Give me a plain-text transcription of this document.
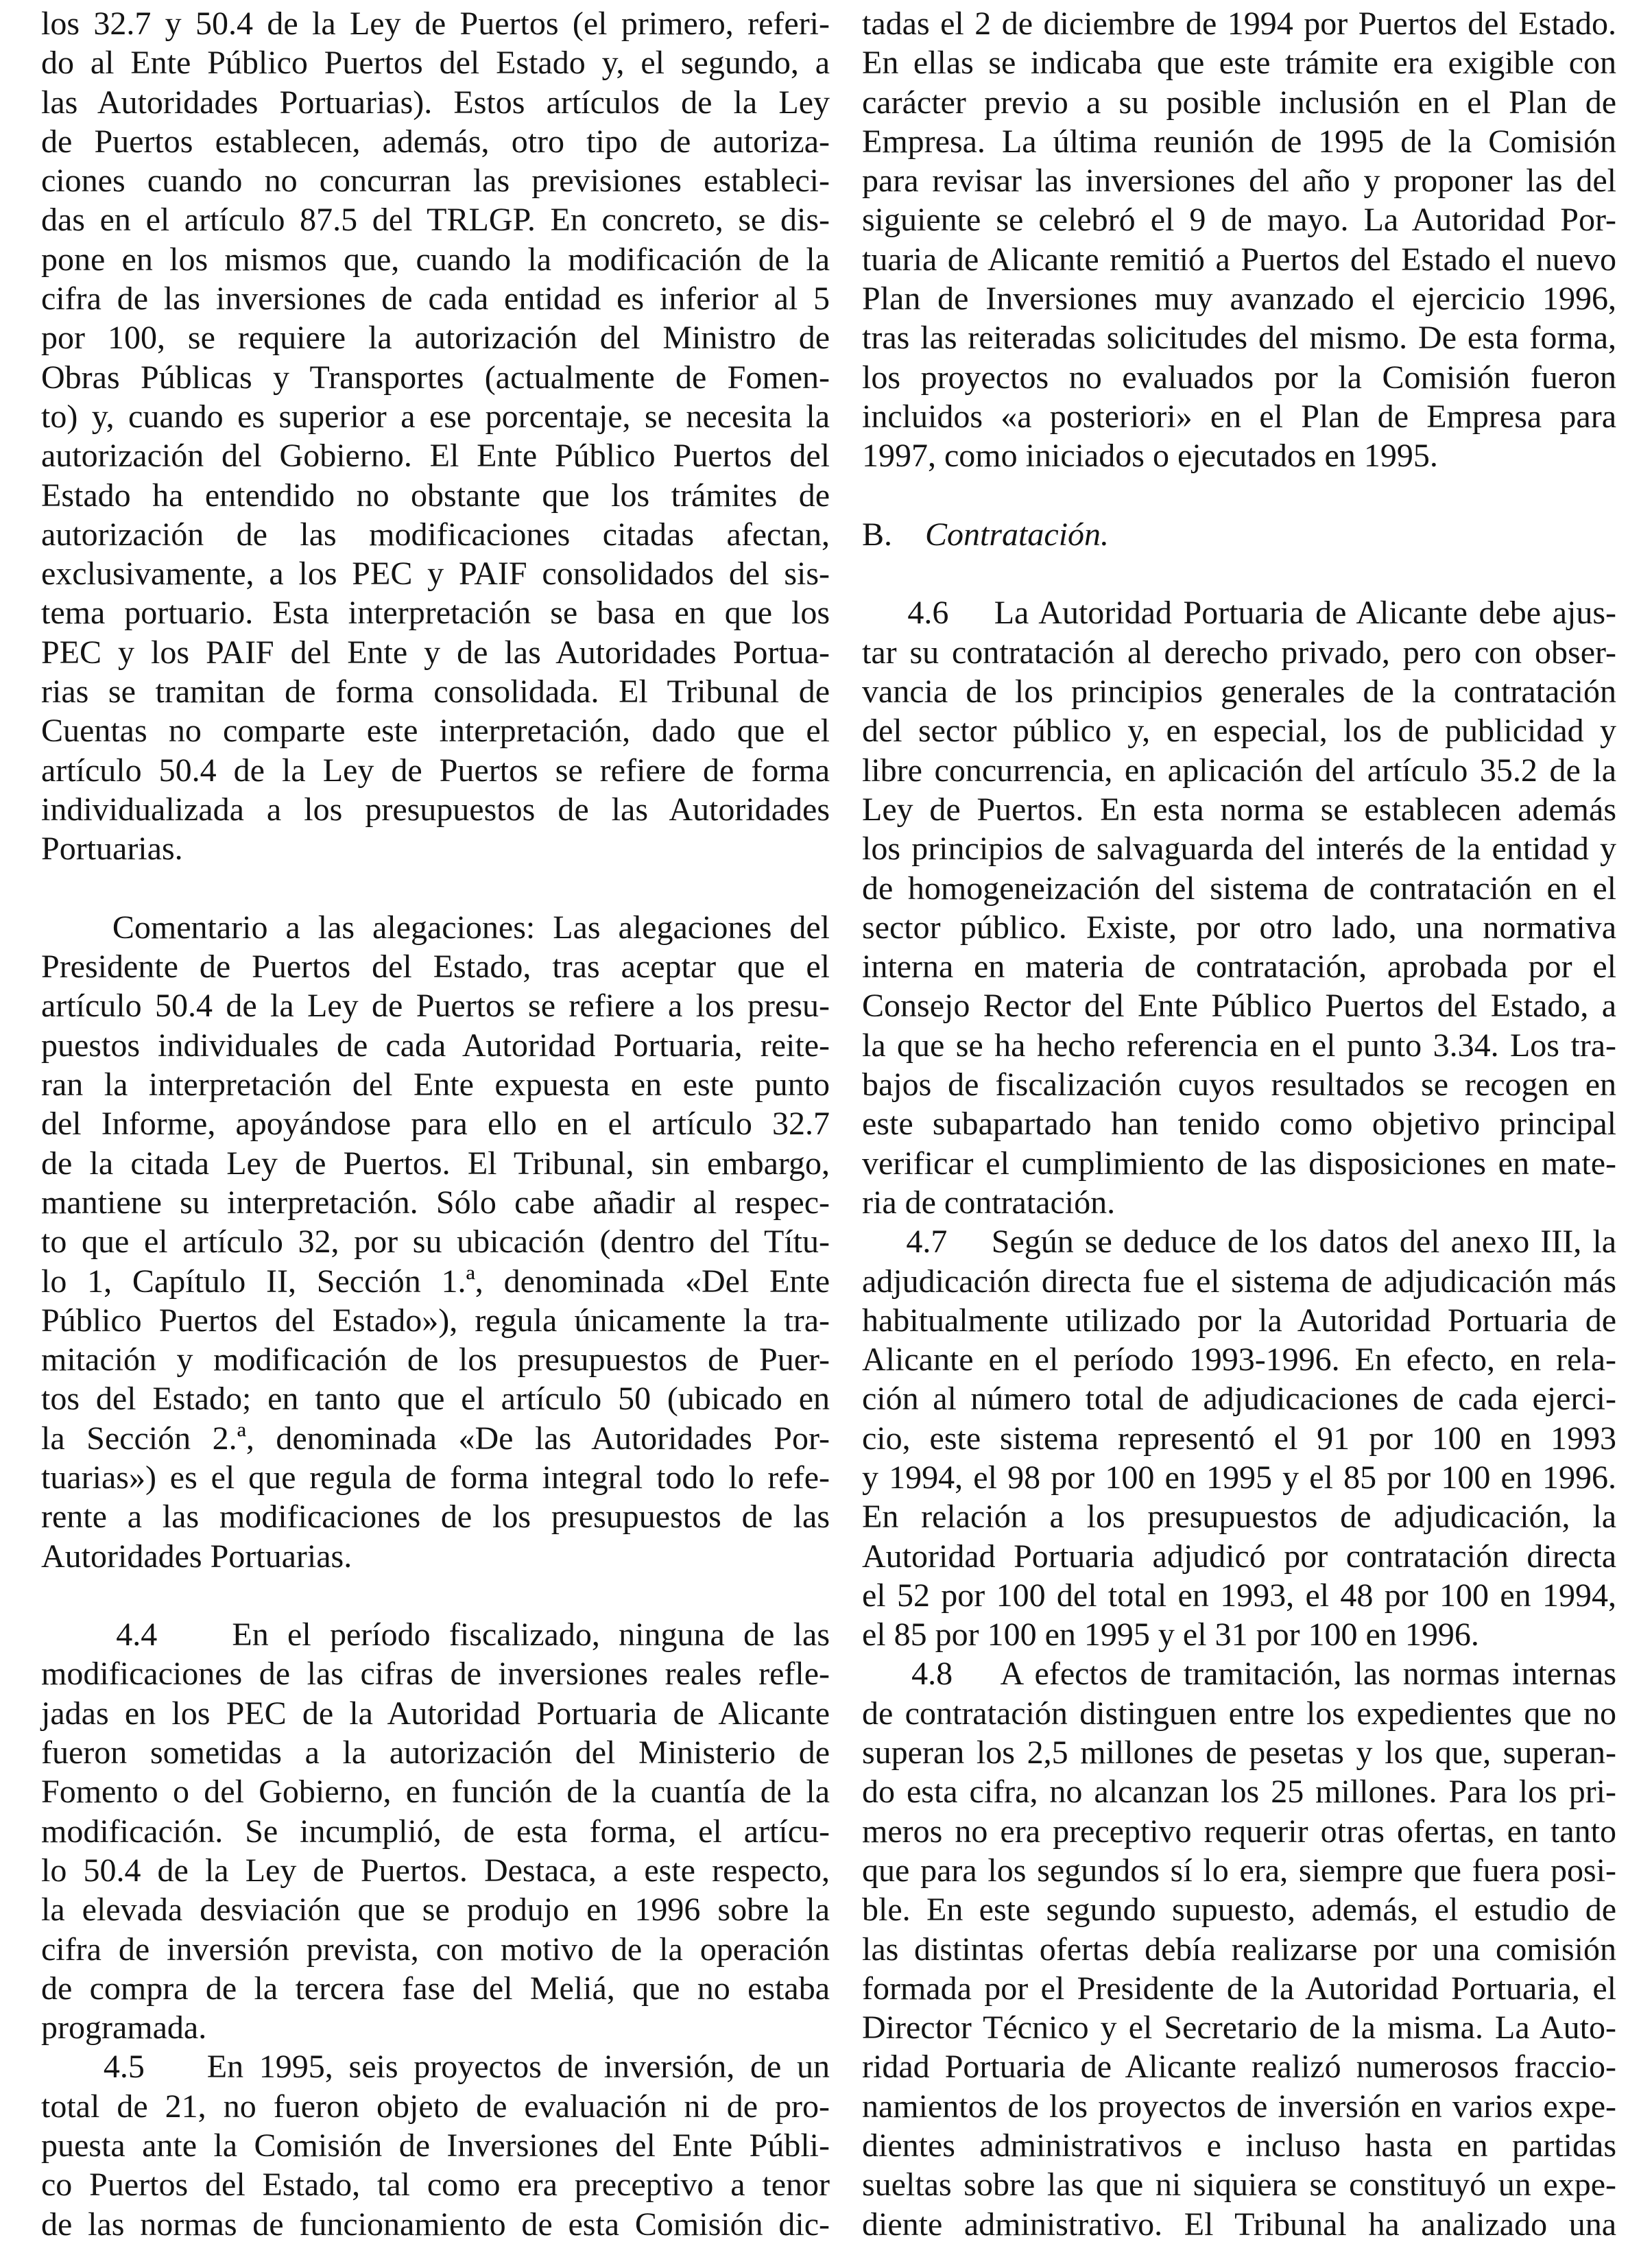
los 32.7 y 50.4 de la Ley de Puertos (el primero, referi-
do al Ente Público Puertos del Estado y, el segundo, a
las Autoridades Portuarias). Estos artículos de la Ley
de Puertos establecen, además, otro tipo de autoriza-
ciones cuando no concurran las previsiones estableci-
das en el artículo 87.5 del TRLGP. En concreto, se dis-
pone en los mismos que, cuando la modificación de la
cifra de las inversiones de cada entidad es inferior al 5
por 100, se requiere la autorización del Ministro de
Obras Públicas y Transportes (actualmente de Fomen-
to) y, cuando es superior a ese porcentaje, se necesita la
autorización del Gobierno. El Ente Público Puertos del
Estado ha entendido no obstante que los trámites de
autorización de las modificaciones citadas afectan,
exclusivamente, a los PEC y PAIF consolidados del sis-
tema portuario. Esta interpretación se basa en que los
PEC y los PAIF del Ente y de las Autoridades Portua-
rias se tramitan de forma consolidada. El Tribunal de
Cuentas no comparte este interpretación, dado que el
artículo 50.4 de la Ley de Puertos se refiere de forma
individualizada a los presupuestos de las Autoridades
Portuarias.
Comentario a las alegaciones: Las alegaciones del
Presidente de Puertos del Estado, tras aceptar que el
artículo 50.4 de la Ley de Puertos se refiere a los presu-
puestos individuales de cada Autoridad Portuaria, reite-
ran la interpretación del Ente expuesta en este punto
del Informe, apoyándose para ello en el artículo 32.7
de la citada Ley de Puertos. El Tribunal, sin embargo,
mantiene su interpretación. Sólo cabe añadir al respec-
to que el artículo 32, por su ubicación (dentro del Títu-
lo 1, Capítulo II, Sección 1.ª, denominada «Del Ente
Público Puertos del Estado»), regula únicamente la tra-
mitación y modificación de los presupuestos de Puer-
tos del Estado; en tanto que el artículo 50 (ubicado en
la Sección 2.ª, denominada «De las Autoridades Por-
tuarias») es el que regula de forma integral todo lo refe-
rente a las modificaciones de los presupuestos de las
Autoridades Portuarias.
4.4    En el período fiscalizado, ninguna de las
modificaciones de las cifras de inversiones reales refle-
jadas en los PEC de la Autoridad Portuaria de Alicante
fueron sometidas a la autorización del Ministerio de
Fomento o del Gobierno, en función de la cuantía de la
modificación. Se incumplió, de esta forma, el artícu-
lo 50.4 de la Ley de Puertos. Destaca, a este respecto,
la elevada desviación que se produjo en 1996 sobre la
cifra de inversión prevista, con motivo de la operación
de compra de la tercera fase del Meliá, que no estaba
programada.
4.5    En 1995, seis proyectos de inversión, de un
total de 21, no fueron objeto de evaluación ni de pro-
puesta ante la Comisión de Inversiones del Ente Públi-
co Puertos del Estado, tal como era preceptivo a tenor
de las normas de funcionamiento de esta Comisión dic-
tadas el 2 de diciembre de 1994 por Puertos del Estado.
En ellas se indicaba que este trámite era exigible con
carácter previo a su posible inclusión en el Plan de
Empresa. La última reunión de 1995 de la Comisión
para revisar las inversiones del año y proponer las del
siguiente se celebró el 9 de mayo. La Autoridad Por-
tuaria de Alicante remitió a Puertos del Estado el nuevo
Plan de Inversiones muy avanzado el ejercicio 1996,
tras las reiteradas solicitudes del mismo. De esta forma,
los proyectos no evaluados por la Comisión fueron
incluidos «a posteriori» en el Plan de Empresa para
1997, como iniciados o ejecutados en 1995.
B. Contratación.
4.6    La Autoridad Portuaria de Alicante debe ajus-
tar su contratación al derecho privado, pero con obser-
vancia de los principios generales de la contratación
del sector público y, en especial, los de publicidad y
libre concurrencia, en aplicación del artículo 35.2 de la
Ley de Puertos. En esta norma se establecen además
los principios de salvaguarda del interés de la entidad y
de homogeneización del sistema de contratación en el
sector público. Existe, por otro lado, una normativa
interna en materia de contratación, aprobada por el
Consejo Rector del Ente Público Puertos del Estado, a
la que se ha hecho referencia en el punto 3.34. Los tra-
bajos de fiscalización cuyos resultados se recogen en
este subapartado han tenido como objetivo principal
verificar el cumplimiento de las disposiciones en mate-
ria de contratación.
4.7    Según se deduce de los datos del anexo III, la
adjudicación directa fue el sistema de adjudicación más
habitualmente utilizado por la Autoridad Portuaria de
Alicante en el período 1993-1996. En efecto, en rela-
ción al número total de adjudicaciones de cada ejerci-
cio, este sistema representó el 91 por 100 en 1993
y 1994, el 98 por 100 en 1995 y el 85 por 100 en 1996.
En relación a los presupuestos de adjudicación, la
Autoridad Portuaria adjudicó por contratación directa
el 52 por 100 del total en 1993, el 48 por 100 en 1994,
el 85 por 100 en 1995 y el 31 por 100 en 1996.
4.8    A efectos de tramitación, las normas internas
de contratación distinguen entre los expedientes que no
superan los 2,5 millones de pesetas y los que, superan-
do esta cifra, no alcanzan los 25 millones. Para los pri-
meros no era preceptivo requerir otras ofertas, en tanto
que para los segundos sí lo era, siempre que fuera posi-
ble. En este segundo supuesto, además, el estudio de
las distintas ofertas debía realizarse por una comisión
formada por el Presidente de la Autoridad Portuaria, el
Director Técnico y el Secretario de la misma. La Auto-
ridad Portuaria de Alicante realizó numerosos fraccio-
namientos de los proyectos de inversión en varios expe-
dientes administrativos e incluso hasta en partidas
sueltas sobre las que ni siquiera se constituyó un expe-
diente administrativo. El Tribunal ha analizado una
